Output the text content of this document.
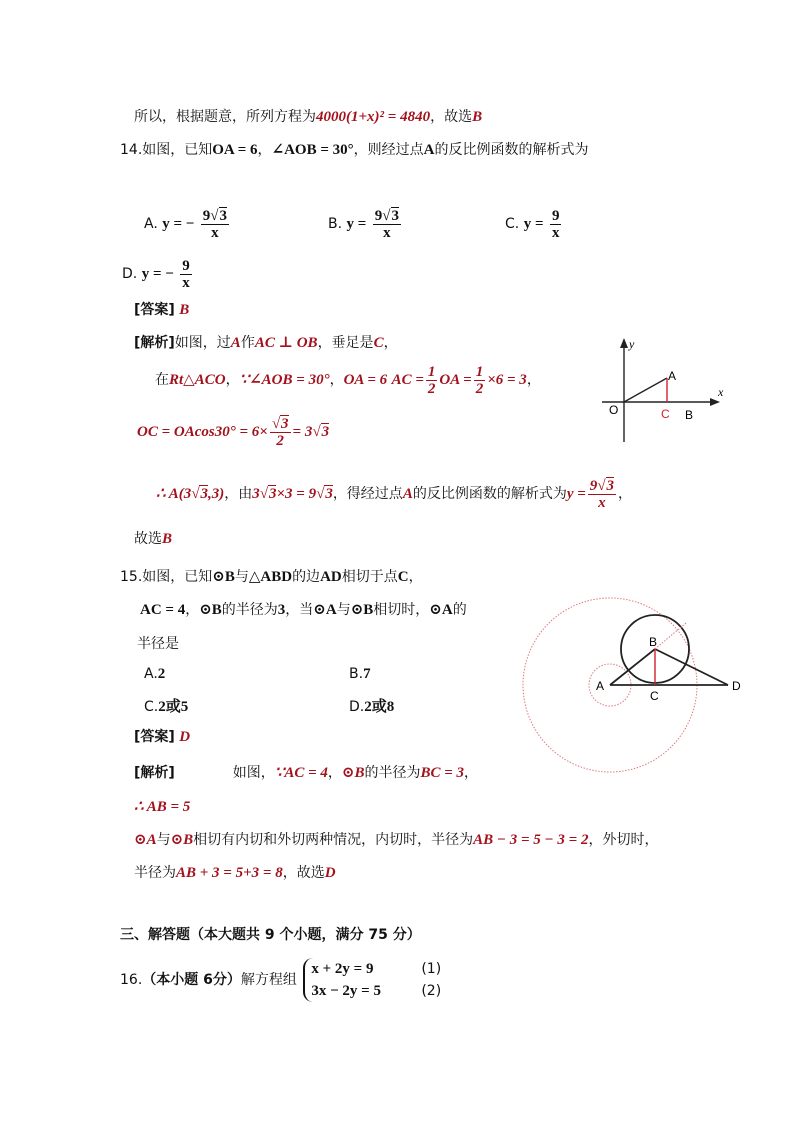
所以，根据题意，所列方程为4000(1+x)² = 4840，故选B
14.如图，已知OA = 6，∠AOB = 30°，则经过点A的反比例函数的解析式为
A. y = − $\frac{9√3}{x}$	B. $y = \frac{9√3}{x}$	C. $y = \frac{9}{x}$
D. y = − $\frac{9}{x}$
[答案] B
[解析]如图，过A作AC ⊥ OB，垂足是C，
在Rt△ACO，∵∠AOB = 30°，OA = 6 AC = $\frac{1}{2}$ OA = $\frac{1}{2} \times 6 = 3$，
OC = $OAcos30^\circ = 6\times \frac{√3}{2} = 3√3$
∴ A(3√3,3)，由3√3×3 = 9√3，得经过点A的反比例函数的解析式为$y = \frac{9√3}{x}$ ，
故选B
y
x
O
A
C B
15.如图，已知⊙B与△ABD的边AD相切于点C，
AC = 4，⊙B的半径为3，当⊙A与⊙B相切时，⊙A的
半径是
A.2	B.7
C.2或5	D.2或8
[答案] D
[解析]	如图，∵AC = 4，⊙B的半径为BC = 3，
∴ AB = 5
⊙A与⊙B相切有内切和外切两种情况，内切时，半径为AB − 3 = 5 − 3 = 2，外切时，
半径为AB + 3 = 5+3 = 8，故选D
A
B
C
D
三、解答题（本大题共 9 个小题，满分 75 分）
16.（本小题 6分）解方程组
x + 2y = 9	(1)
3x − 2y = 5	(2)
